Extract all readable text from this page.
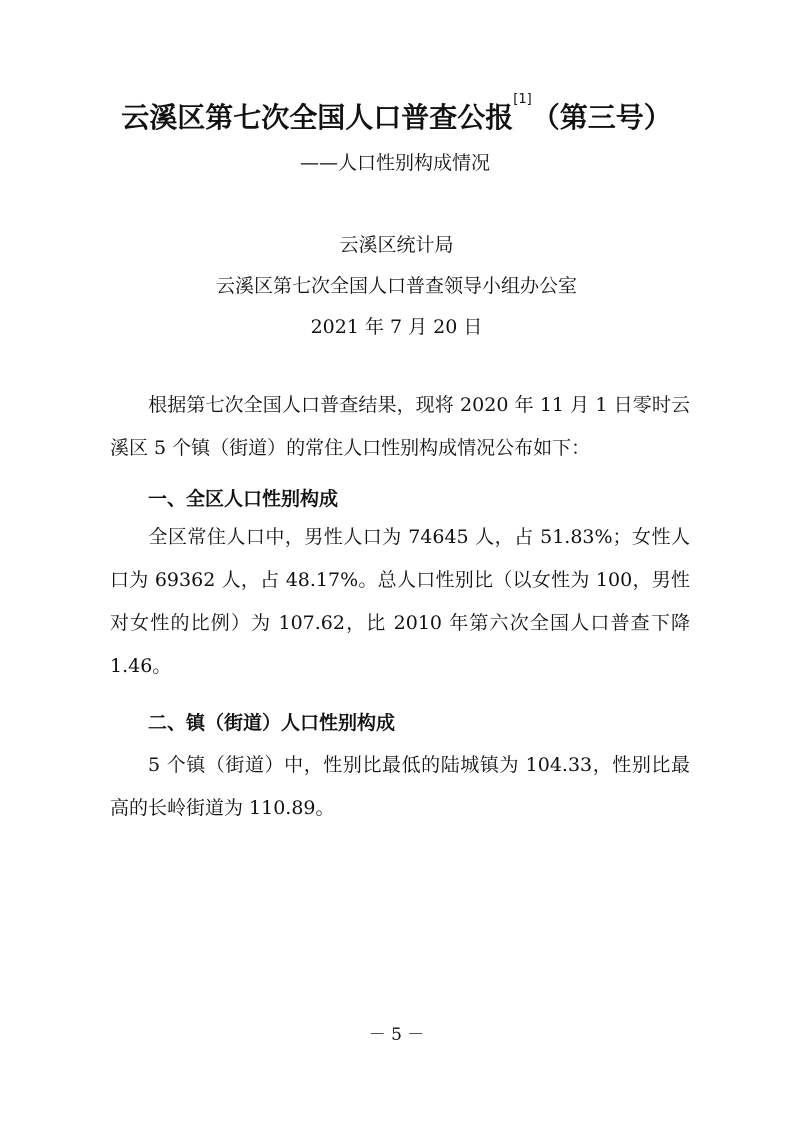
云溪区第七次全国人口普查公报[1]（第三号）
——人口性别构成情况
云溪区统计局
云溪区第七次全国人口普查领导小组办公室
2021 年 7 月 20 日
根据第七次全国人口普查结果，现将 2020 年 11 月 1 日零时云溪区 5 个镇（街道）的常住人口性别构成情况公布如下：
一、全区人口性别构成
全区常住人口中，男性人口为 74645 人，占 51.83%；女性人口为 69362 人，占 48.17%。总人口性别比（以女性为 100，男性对女性的比例）为 107.62，比 2010 年第六次全国人口普查下降 1.46。
二、镇（街道）人口性别构成
5 个镇（街道）中，性别比最低的陆城镇为 104.33，性别比最高的长岭街道为 110.89。
－ 5 －
